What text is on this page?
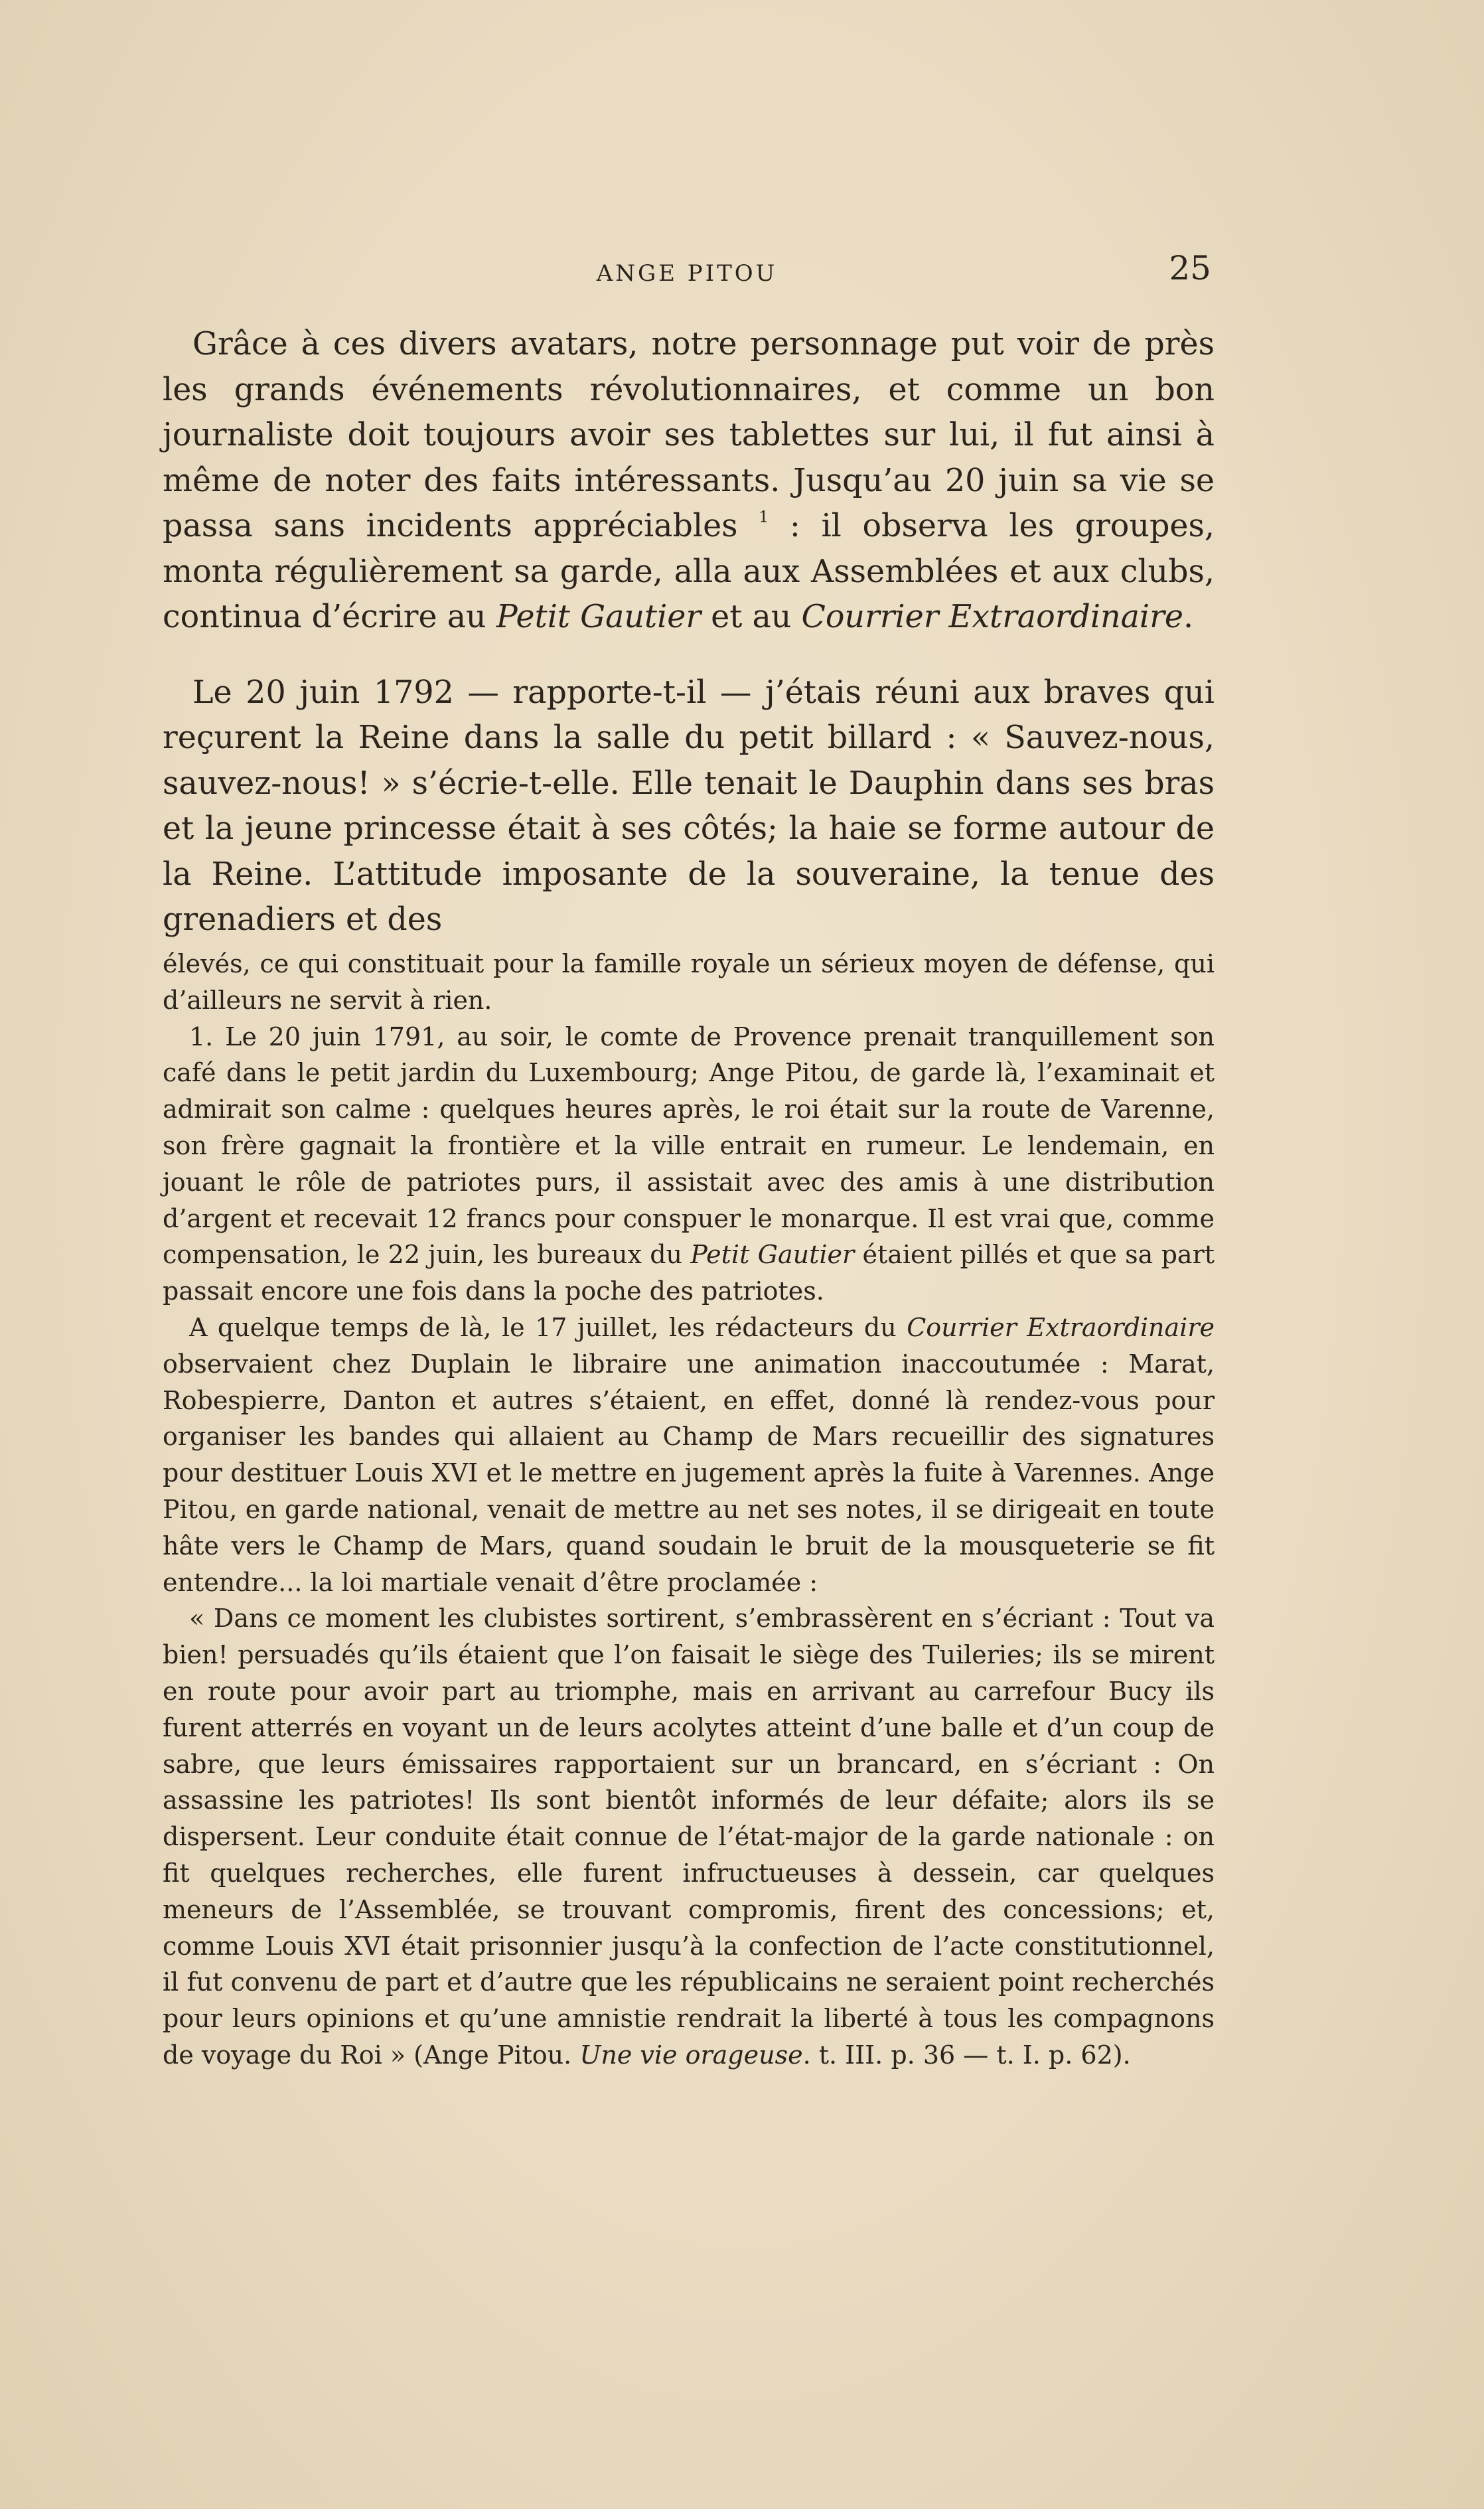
ANGE PITOU	25

Grâce à ces divers avatars, notre personnage put voir de près les grands événements révolutionnaires, et comme un bon journaliste doit toujours avoir ses tablettes sur lui, il fut ainsi à même de noter des faits intéressants. Jusqu’au 20 juin sa vie se passa sans incidents appréciables $^1$ : il observa les groupes, monta régulièrement sa garde, alla aux Assemblées et aux clubs, continua d’écrire au Petit Gautier et au Courrier Extraordinaire.

Le 20 juin 1792 — rapporte-t-il — j’étais réuni aux braves qui reçurent la Reine dans la salle du petit billard : « Sauvez-nous, sauvez-nous! » s’écrie-t-elle. Elle tenait le Dauphin dans ses bras et la jeune princesse était à ses côtés; la haie se forme autour de la Reine. L’attitude imposante de la souveraine, la tenue des grenadiers et des

élevés, ce qui constituait pour la famille royale un sérieux moyen de défense, qui d’ailleurs ne servit à rien.

1. Le 20 juin 1791, au soir, le comte de Provence prenait tranquillement son café dans le petit jardin du Luxembourg; Ange Pitou, de garde là, l’examinait et admirait son calme : quelques heures après, le roi était sur la route de Varenne, son frère gagnait la frontière et la ville entrait en rumeur. Le lendemain, en jouant le rôle de patriotes purs, il assistait avec des amis à une distribution d’argent et recevait 12 francs pour conspuer le monarque. Il est vrai que, comme compensation, le 22 juin, les bureaux du Petit Gautier étaient pillés et que sa part passait encore une fois dans la poche des patriotes.

A quelque temps de là, le 17 juillet, les rédacteurs du Courrier Extraordinaire observaient chez Duplain le libraire une animation inaccoutumée : Marat, Robespierre, Danton et autres s’étaient, en effet, donné là rendez-vous pour organiser les bandes qui allaient au Champ de Mars recueillir des signatures pour destituer Louis XVI et le mettre en jugement après la fuite à Varennes. Ange Pitou, en garde national, venait de mettre au net ses notes, il se dirigeait en toute hâte vers le Champ de Mars, quand soudain le bruit de la mousqueterie se fit entendre... la loi martiale venait d’être proclamée :

« Dans ce moment les clubistes sortirent, s’embrassèrent en s’écriant : Tout va bien! persuadés qu’ils étaient que l’on faisait le siège des Tuileries; ils se mirent en route pour avoir part au triomphe, mais en arrivant au carrefour Bucy ils furent atterrés en voyant un de leurs acolytes atteint d’une balle et d’un coup de sabre, que leurs émissaires rapportaient sur un brancard, en s’écriant : On assassine les patriotes! Ils sont bientôt informés de leur défaite; alors ils se dispersent. Leur conduite était connue de l’état-major de la garde nationale : on fit quelques recherches, elle furent infructueuses à dessein, car quelques meneurs de l’Assemblée, se trouvant compromis, firent des concessions; et, comme Louis XVI était prisonnier jusqu’à la confection de l’acte constitutionnel, il fut convenu de part et d’autre que les républicains ne seraient point recherchés pour leurs opinions et qu’une amnistie rendrait la liberté à tous les compagnons de voyage du Roi » (Ange Pitou. Une vie orageuse. t. III. p. 36 — t. I. p. 62).
